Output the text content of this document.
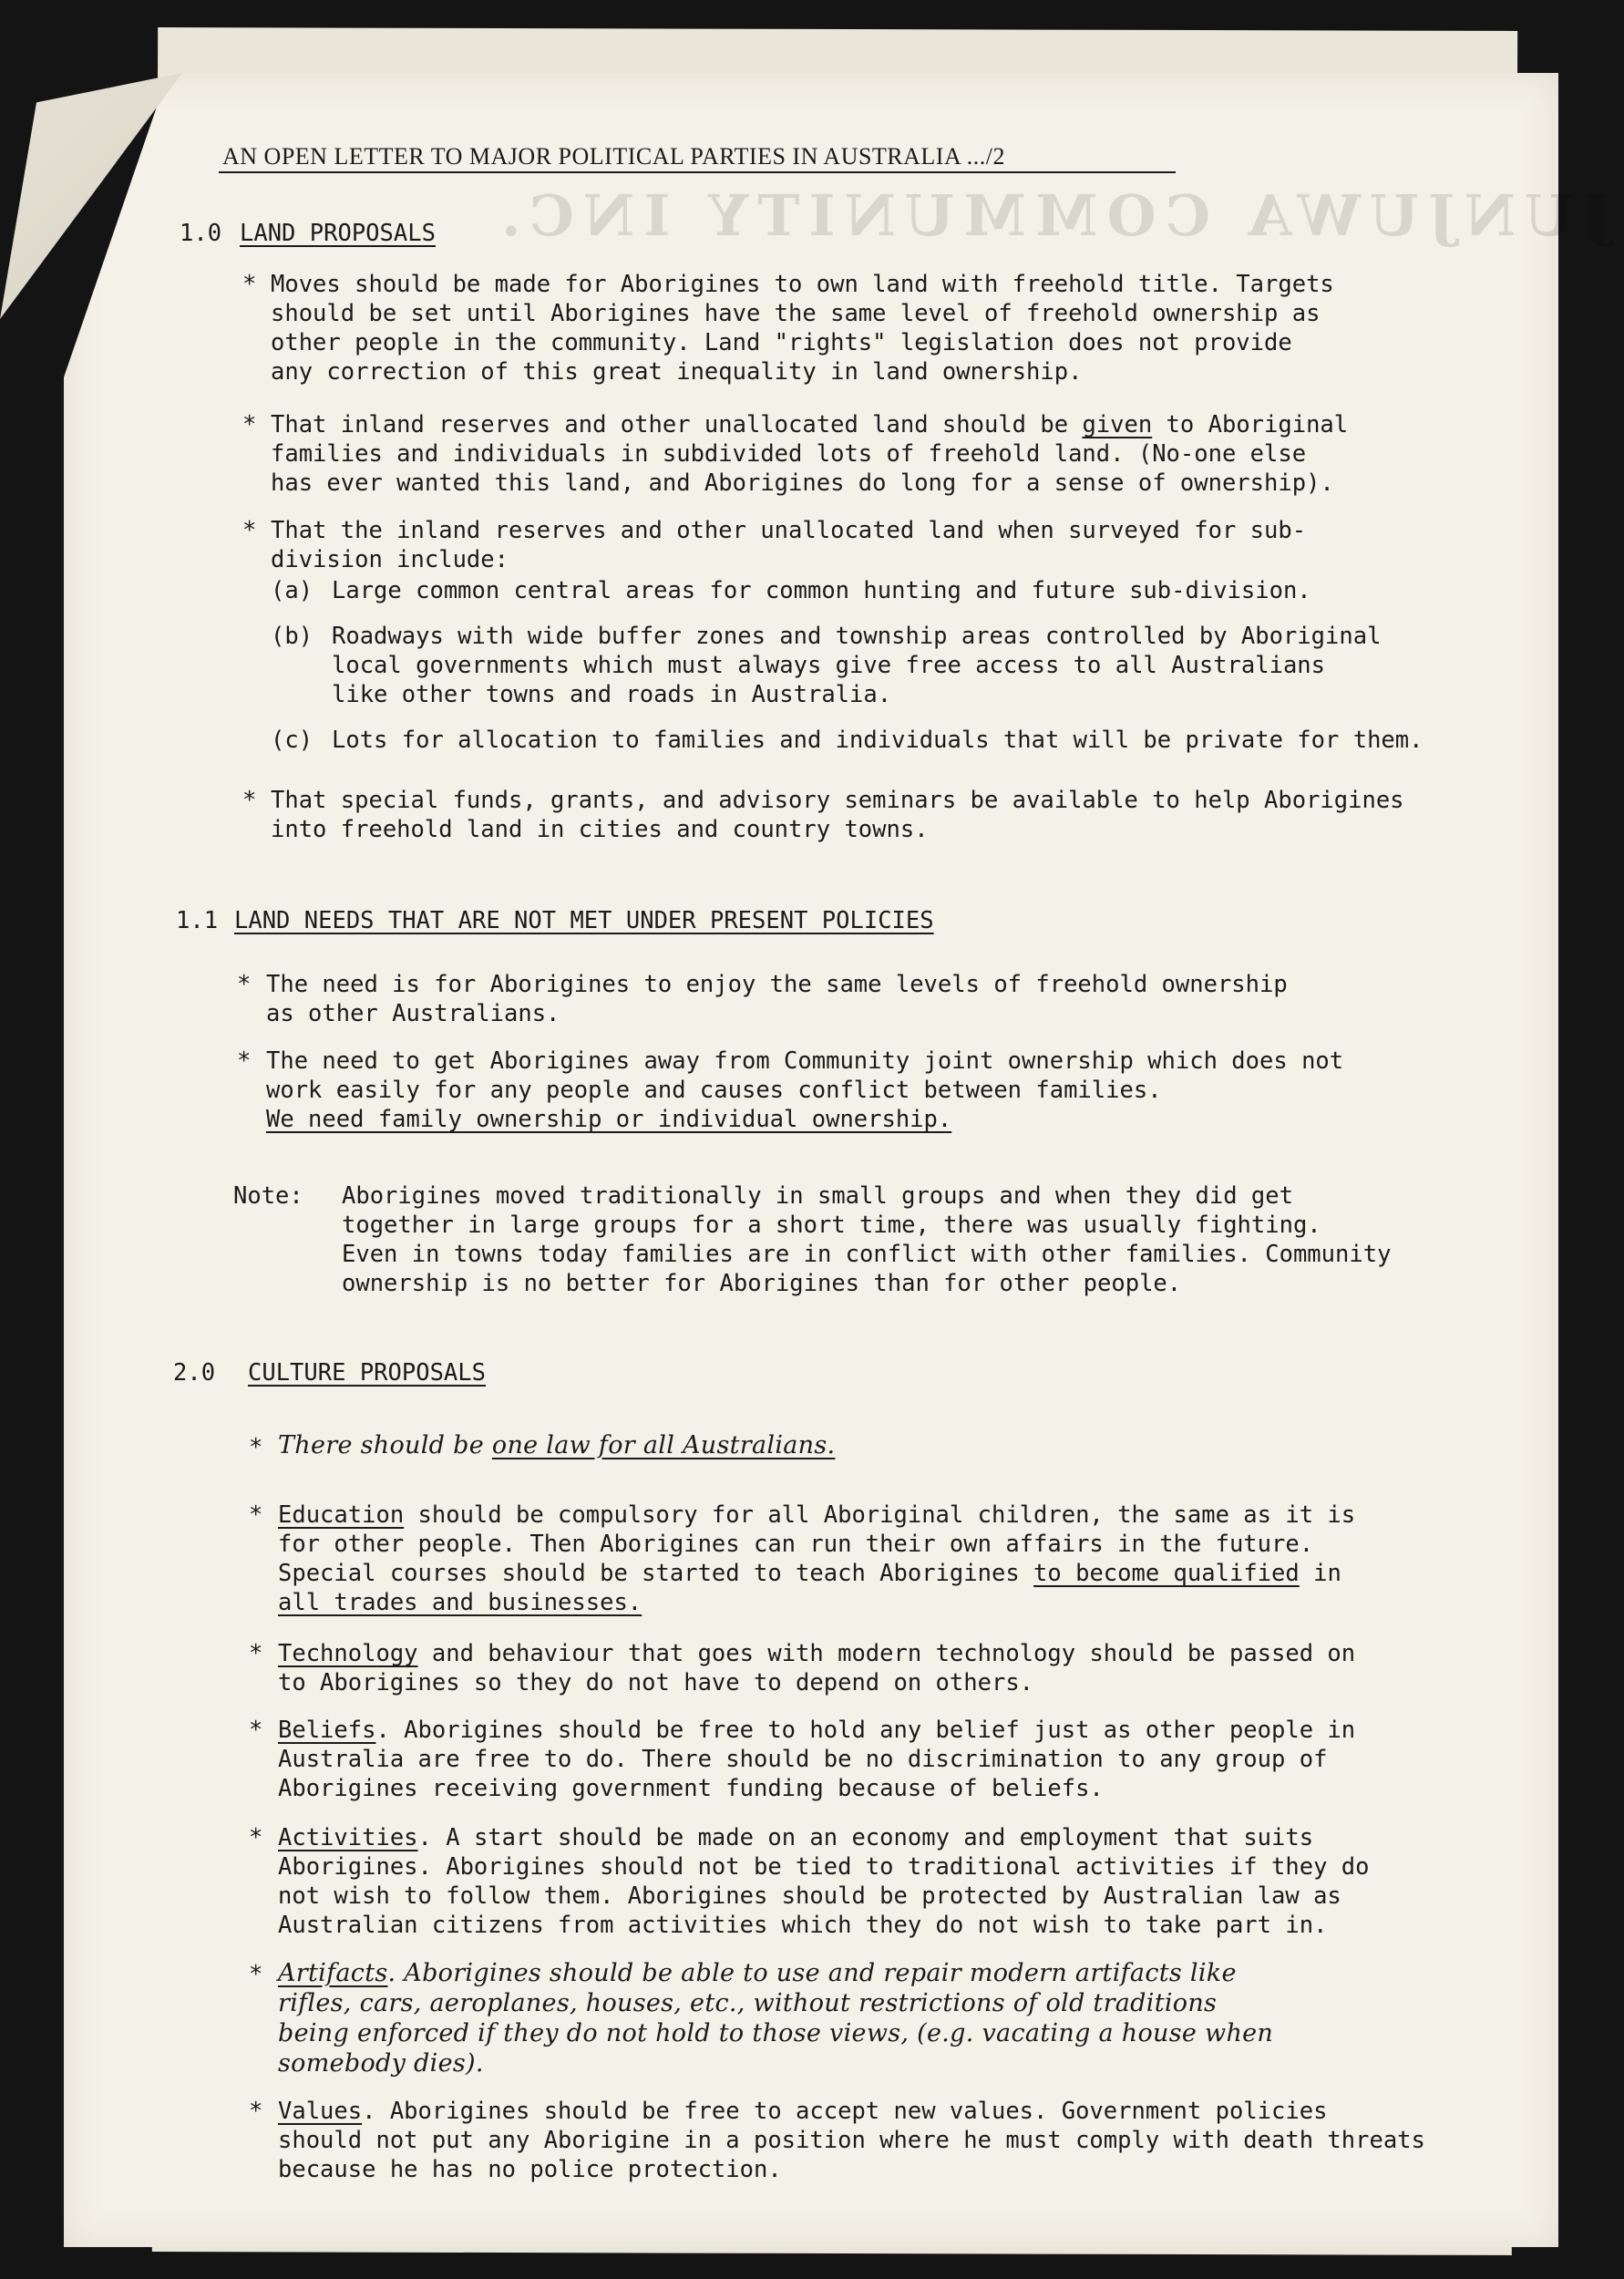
JUNJUWA COMMUNITY INC.
AN OPEN LETTER TO MAJOR POLITICAL PARTIES IN AUSTRALIA .../2
1.0 LAND PROPOSALS
* Moves should be made for Aborigines to own land with freehold title. Targets
should be set until Aborigines have the same level of freehold ownership as
other people in the community. Land "rights" legislation does not provide
any correction of this great inequality in land ownership.
* That inland reserves and other unallocated land should be given to Aboriginal
families and individuals in subdivided lots of freehold land. (No-one else
has ever wanted this land, and Aborigines do long for a sense of ownership).
* That the inland reserves and other unallocated land when surveyed for sub-
division include:
(a) Large common central areas for common hunting and future sub-division.
(b) Roadways with wide buffer zones and township areas controlled by Aboriginal
local governments which must always give free access to all Australians
like other towns and roads in Australia.
(c) Lots for allocation to families and individuals that will be private for them.
* That special funds, grants, and advisory seminars be available to help Aborigines
into freehold land in cities and country towns.
1.1 LAND NEEDS THAT ARE NOT MET UNDER PRESENT POLICIES
* The need is for Aborigines to enjoy the same levels of freehold ownership
as other Australians.
* The need to get Aborigines away from Community joint ownership which does not
work easily for any people and causes conflict between families.
We need family ownership or individual ownership.
Note: Aborigines moved traditionally in small groups and when they did get
together in large groups for a short time, there was usually fighting.
Even in towns today families are in conflict with other families. Community
ownership is no better for Aborigines than for other people.
2.0 CULTURE PROPOSALS
* There should be one law for all Australians.
* Education should be compulsory for all Aboriginal children, the same as it is
for other people. Then Aborigines can run their own affairs in the future.
Special courses should be started to teach Aborigines to become qualified in
all trades and businesses.
* Technology and behaviour that goes with modern technology should be passed on
to Aborigines so they do not have to depend on others.
* Beliefs. Aborigines should be free to hold any belief just as other people in
Australia are free to do. There should be no discrimination to any group of
Aborigines receiving government funding because of beliefs.
* Activities. A start should be made on an economy and employment that suits
Aborigines. Aborigines should not be tied to traditional activities if they do
not wish to follow them. Aborigines should be protected by Australian law as
Australian citizens from activities which they do not wish to take part in.
* Artifacts. Aborigines should be able to use and repair modern artifacts like
rifles, cars, aeroplanes, houses, etc., without restrictions of old traditions
being enforced if they do not hold to those views, (e.g. vacating a house when
somebody dies).
* Values. Aborigines should be free to accept new values. Government policies
should not put any Aborigine in a position where he must comply with death threats
because he has no police protection.
